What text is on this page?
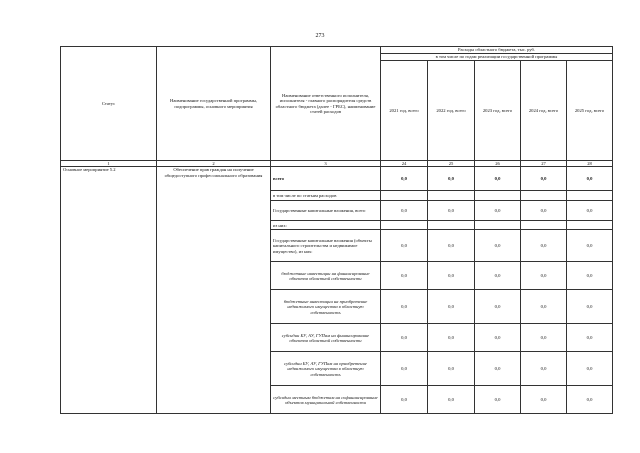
273
Статус	Наименование государственной программы, подпрограммы, основного мероприятия	Наименование ответственного исполнителя, исполнителя - главного распорядителя средств областного бюджета (далее - ГРБС), наименование статей расходов	Расходы областного бюджета, тыс. руб.				
			в том числе по годам реализации государственной программы				
			2021 год, всего	2022 год, всего	2023 год, всего	2024 год, всего	2025 год, всего
1	2	3	24	25	26	27	28
Основное мероприятие 5.2	Обеспечение прав граждан на получение общедоступного профессионального образования	всего	0,0	0,0	0,0	0,0	0,0
		в том числе по статьям расходов					
		Государственные капитальные вложения, всего	0,0	0,0	0,0	0,0	0,0
		из них:					
		Государственные капитальные вложения (объекты капитального строительства и недвижимое имущество), из них:	0,0	0,0	0,0	0,0	0,0
		бюджетные инвестиции на финансирование объектов областной собственности	0,0	0,0	0,0	0,0	0,0
		бюджетные инвестиции на приобретение недвижимого имущества в областную собственность	0,0	0,0	0,0	0,0	0,0
		субсидии БУ, АУ, ГУПам на финансирование объектов областной собственности	0,0	0,0	0,0	0,0	0,0
		субсидии БУ, АУ, ГУПам на приобретение недвижимого имущества в областную собственность	0,0	0,0	0,0	0,0	0,0
		субсидии местным бюджетам на софинансирование объектов муниципальной собственности	0,0	0,0	0,0	0,0	0,0
